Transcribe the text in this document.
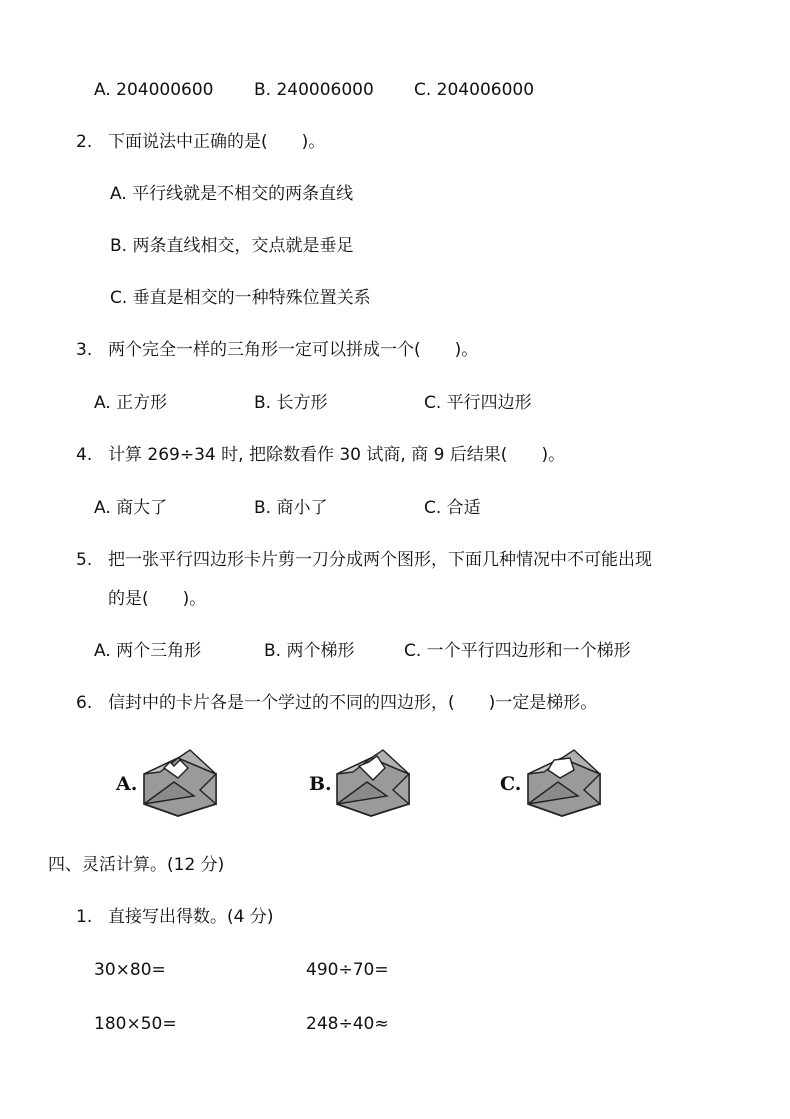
A. 204000600 B. 240006000 C. 204006000
2. 下面说法中正确的是(　　)。
A. 平行线就是不相交的两条直线
B. 两条直线相交，交点就是垂足
C. 垂直是相交的一种特殊位置关系
3. 两个完全一样的三角形一定可以拼成一个(　　)。
A. 正方形	B. 长方形	C. 平行四边形
4. 计算 269÷34 时, 把除数看作 30 试商, 商 9 后结果(　　)。
A. 商大了	B. 商小了	C. 合适
5. 把一张平行四边形卡片剪一刀分成两个图形，下面几种情况中不可能出现
的是(　　)。
A. 两个三角形	B. 两个梯形	C. 一个平行四边形和一个梯形
6. 信封中的卡片各是一个学过的不同的四边形，(　　)一定是梯形。
A.	B.	C.
四、灵活计算。(12 分)
1. 直接写出得数。(4 分)
30×80=	490÷70=
180×50=	248÷40≈
